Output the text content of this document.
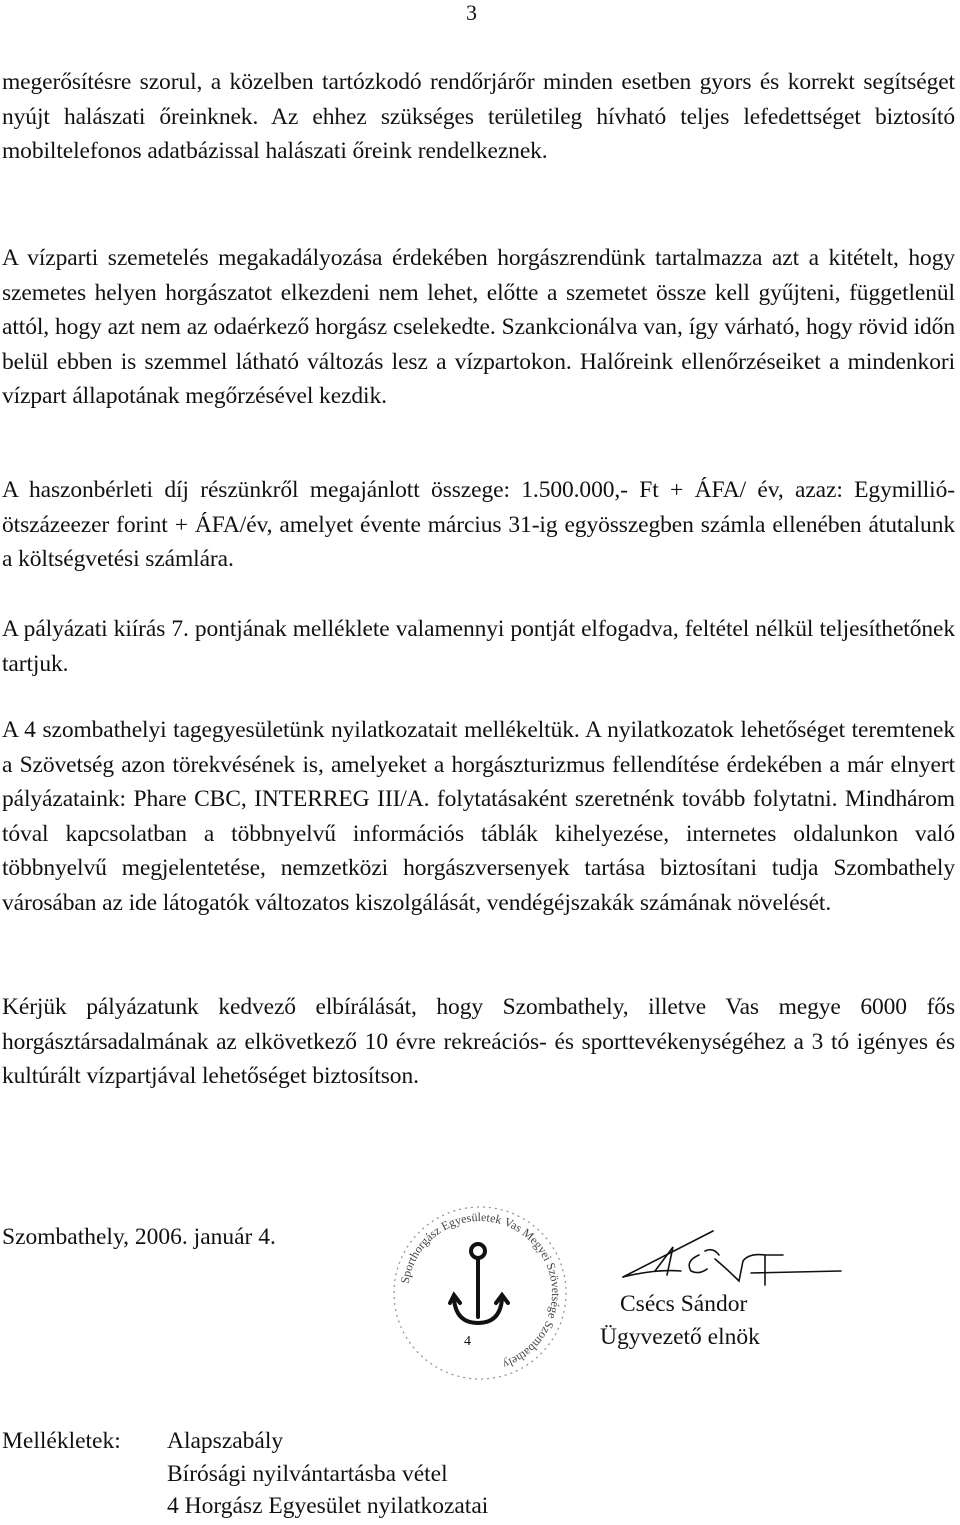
3

megerősítésre szorul, a közelben tartózkodó rendőrjárőr minden esetben gyors és korrekt segítséget nyújt halászati őreinknek. Az ehhez szükséges területileg hívható teljes lefedettséget biztosító mobiltelefonos adatbázissal halászati őreink rendelkeznek.

A vízparti szemetelés megakadályozása érdekében horgászrendünk tartalmazza azt a kitételt, hogy szemetes helyen horgászatot elkezdeni nem lehet, előtte a szemetet össze kell gyűjteni, függetlenül attól, hogy azt nem az odaérkező horgász cselekedte. Szankcionálva van, így várható, hogy rövid időn belül ebben is szemmel látható változás lesz a vízpartokon. Halőreink ellenőrzéseiket a mindenkori vízpart állapotának megőrzésével kezdik.

A haszonbérleti díj részünkről megajánlott összege: 1.500.000,- Ft + ÁFA/ év, azaz: Egymillió-ötszázeezer forint + ÁFA/év, amelyet évente március 31-ig egyösszegben számla ellenében átutalunk a költségvetési számlára.

A pályázati kiírás 7. pontjának melléklete valamennyi pontját elfogadva, feltétel nélkül teljesíthetőnek tartjuk.

A 4 szombathelyi tagegyesületünk nyilatkozatait mellékeltük. A nyilatkozatok lehetőséget teremtenek a Szövetség azon törekvésének is, amelyeket a horgászturizmus fellendítése érdekében a már elnyert pályázataink: Phare CBC, INTERREG III/A. folytatásaként szeretnénk tovább folytatni. Mindhárom tóval kapcsolatban a többnyelvű információs táblák kihelyezése, internetes oldalunkon való többnyelvű megjelentetése, nemzetközi horgászversenyek tartása biztosítani tudja Szombathely városában az ide látogatók változatos kiszolgálását, vendégéjszakák számának növelését.

Kérjük pályázatunk kedvező elbírálását, hogy Szombathely, illetve Vas megye 6000 fős horgásztársadalmának az elkövetkező 10 évre rekreációs- és sporttevékenységéhez a 3 tó igényes és kultúrált vízpartjával lehetőséget biztosítson.

Szombathely, 2006. január 4.
Sporthorgász Egyesületek Vas Megyei Szövetsége Szombathely
4
Csécs Sándor
Ügyvezető elnök
Mellékletek: Alapszabály
Bírósági nyilvántartásba vétel
4 Horgász Egyesület nyilatkozatai
